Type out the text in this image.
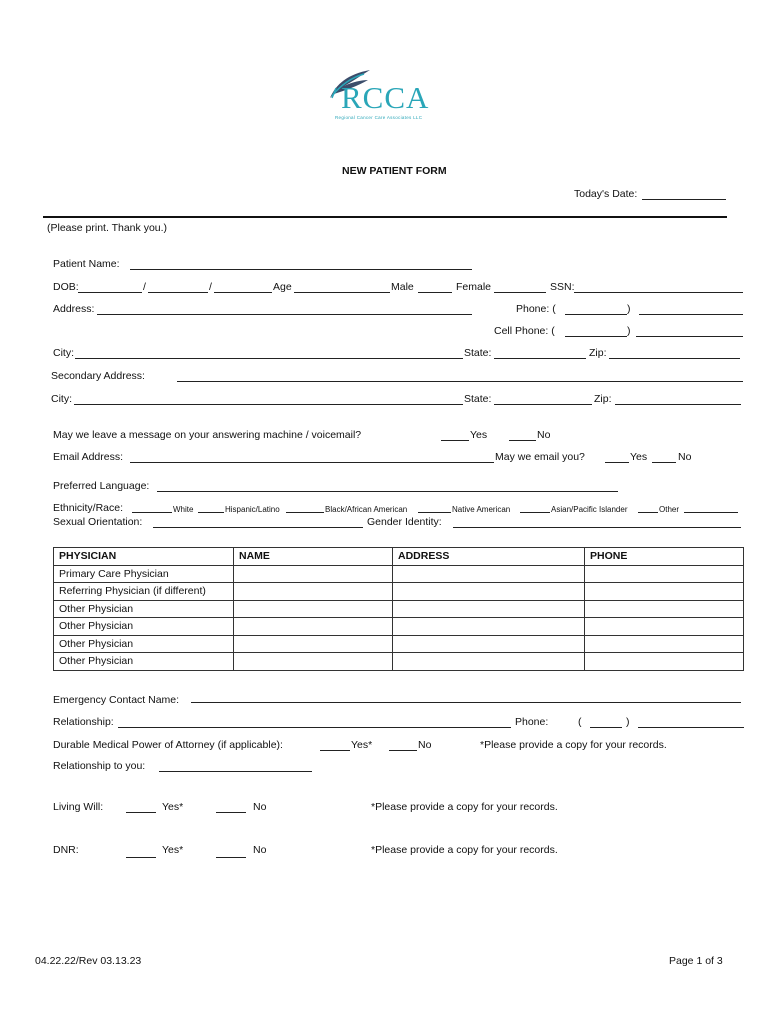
RCCA
Regional Cancer Care Associates LLC
NEW PATIENT FORM
Today's Date:
(Please print. Thank you.)
Patient Name:
DOB:	/	/	Age	Male	Female	SSN:
Address:	Phone: (	)
Cell Phone: (	)
City:	State:	Zip:
Secondary Address:
City:	State:	Zip:
May we leave a message on your answering machine / voicemail?	Yes	No
Email Address:	May we email you?	Yes	No
Preferred Language:
Ethnicity/Race:	White	Hispanic/Latino	Black/African American	Native American	Asian/Pacific Islander	Other
Sexual Orientation:	Gender Identity:
PHYSICIAN	NAME	ADDRESS	PHONE
Primary Care Physician			
Referring Physician (if different)			
Other Physician			
Other Physician			
Other Physician			
Other Physician			
Emergency Contact Name:
Relationship:	Phone:	(	)
Durable Medical Power of Attorney (if applicable):	Yes*	No	*Please provide a copy for your records.
Relationship to you:
Living Will:	Yes*	No	*Please provide a copy for your records.
DNR:	Yes*	No	*Please provide a copy for your records.
04.22.22/Rev 03.13.23	Page 1 of 3
